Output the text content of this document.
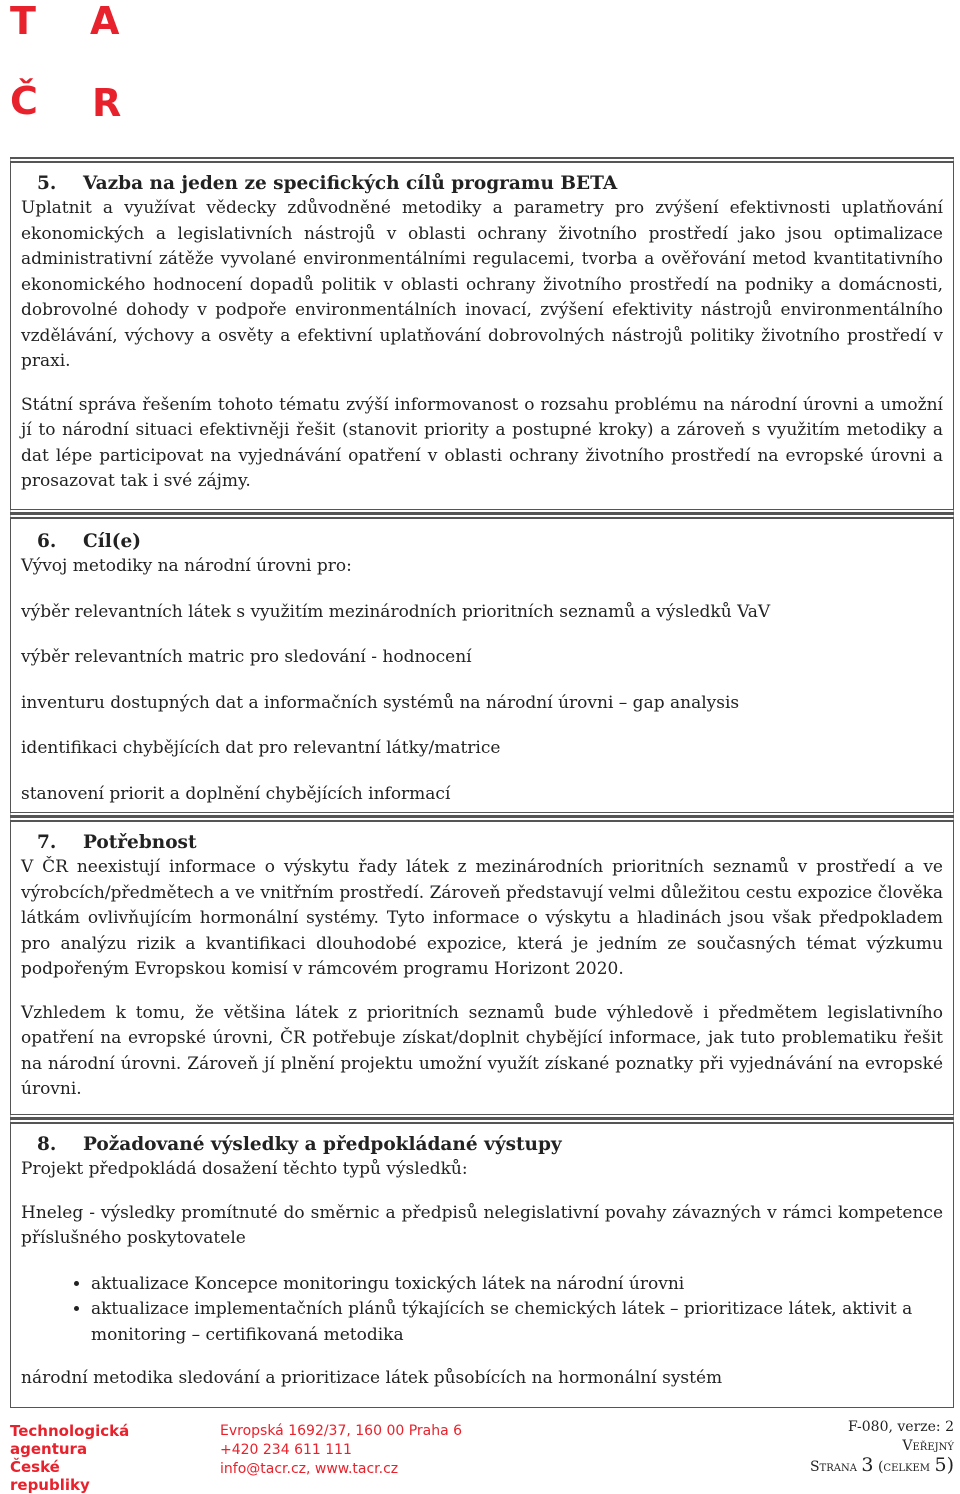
T A
Č R

5. Vazba na jeden ze specifických cílů programu BETA

Uplatnit a využívat vědecky zdůvodněné metodiky a parametry pro zvýšení efektivnosti uplatňování ekonomických a legislativních nástrojů v oblasti ochrany životního prostředí jako jsou optimalizace administrativní zátěže vyvolané environmentálními regulacemi, tvorba a ověřování metod kvantitativního ekonomického hodnocení dopadů politik v oblasti ochrany životního prostředí na podniky a domácnosti, dobrovolné dohody v podpoře environmentálních inovací, zvýšení efektivity nástrojů environmentálního vzdělávání, výchovy a osvěty a efektivní uplatňování dobrovolných nástrojů politiky životního prostředí v praxi.

Státní správa řešením tohoto tématu zvýší informovanost o rozsahu problému na národní úrovni a umožní jí to národní situaci efektivněji řešit (stanovit priority a postupné kroky) a zároveň s využitím metodiky a dat lépe participovat na vyjednávání opatření v oblasti ochrany životního prostředí na evropské úrovni a prosazovat tak i své zájmy.

6. Cíl(e)

Vývoj metodiky na národní úrovni pro:

výběr relevantních látek s využitím mezinárodních prioritních seznamů a výsledků VaV

výběr relevantních matric pro sledování - hodnocení

inventuru dostupných dat a informačních systémů na národní úrovni – gap analysis

identifikaci chybějících dat pro relevantní látky/matrice

stanovení priorit a doplnění chybějících informací

7. Potřebnost

V ČR neexistují informace o výskytu řady látek z mezinárodních prioritních seznamů v prostředí a ve výrobcích/předmětech a ve vnitřním prostředí. Zároveň představují velmi důležitou cestu expozice člověka látkám ovlivňujícím hormonální systémy. Tyto informace o výskytu a hladinách jsou však předpokladem pro analýzu rizik a kvantifikaci dlouhodobé expozice, která je jedním ze současných témat výzkumu podpořeným Evropskou komisí v rámcovém programu Horizont 2020.

Vzhledem k tomu, že většina látek z prioritních seznamů bude výhledově i předmětem legislativního opatření na evropské úrovni, ČR potřebuje získat/doplnit chybějící informace, jak tuto problematiku řešit na národní úrovni. Zároveň jí plnění projektu umožní využít získané poznatky při vyjednávání na evropské úrovni.

8. Požadované výsledky a předpokládané výstupy

Projekt předpokládá dosažení těchto typů výsledků:

Hneleg - výsledky promítnuté do směrnic a předpisů nelegislativní povahy závazných v rámci kompetence příslušného poskytovatele

• aktualizace Koncepce monitoringu toxických látek na národní úrovni
• aktualizace implementačních plánů týkajících se chemických látek – prioritizace látek, aktivit a monitoring – certifikovaná metodika

národní metodika sledování a prioritizace látek působících na hormonální systém

Technologická
agentura
České republiky
Evropská 1692/37, 160 00 Praha 6
+420 234 611 111
info@tacr.cz, www.tacr.cz
F-080, verze: 2
Veřejný
Strana 3 (celkem 5)
